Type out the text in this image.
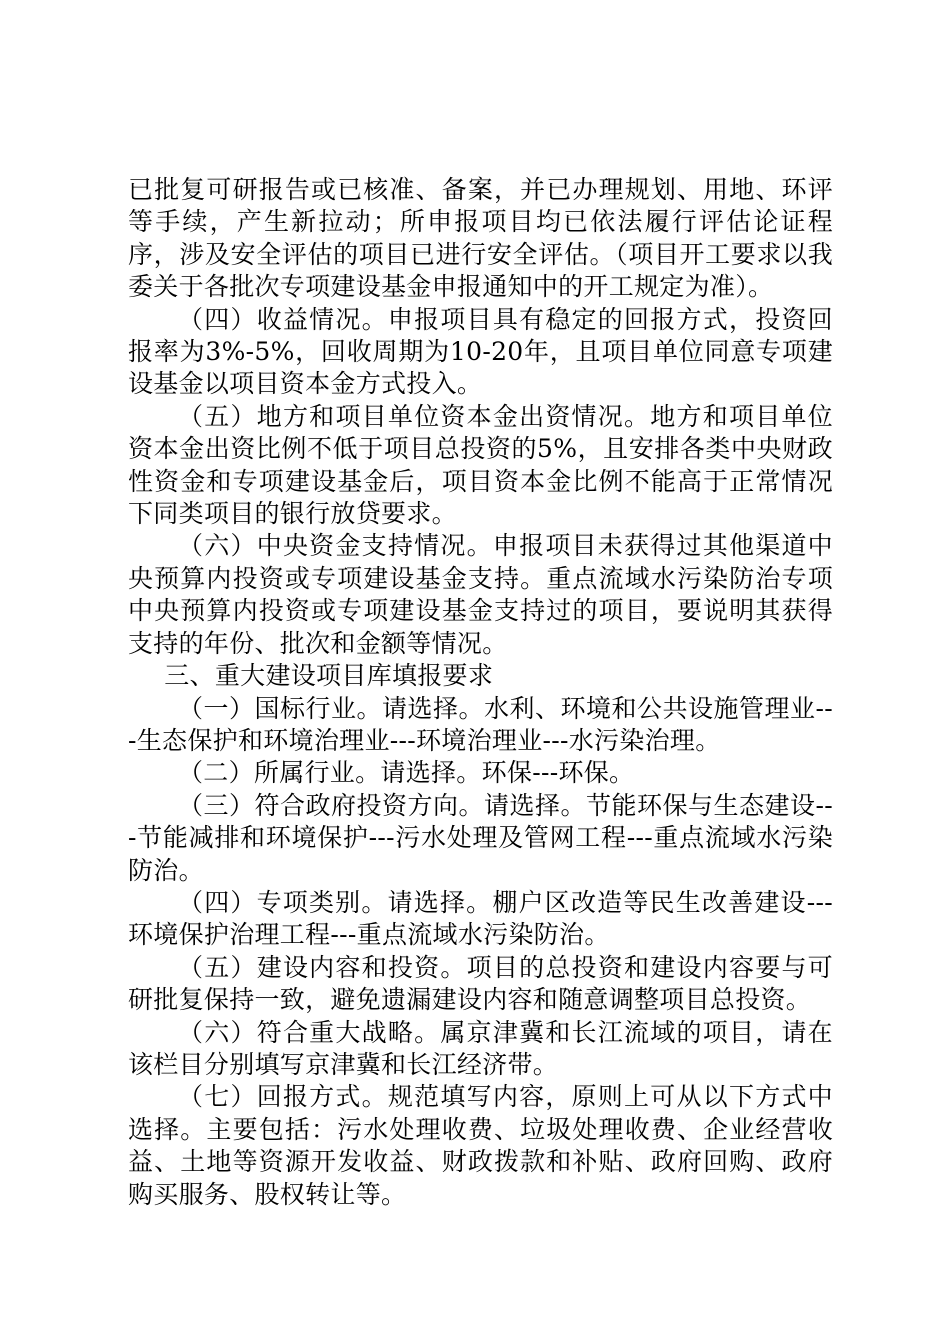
已批复可研报告或已核准、备案，并已办理规划、用地、环评等手续，产生新拉动；所申报项目均已依法履行评估论证程序，涉及安全评估的项目已进行安全评估。（项目开工要求以我委关于各批次专项建设基金申报通知中的开工规定为准）。

（四）收益情况。申报项目具有稳定的回报方式，投资回报率为3%-5%，回收周期为10-20年，且项目单位同意专项建设基金以项目资本金方式投入。

（五）地方和项目单位资本金出资情况。地方和项目单位资本金出资比例不低于项目总投资的5%，且安排各类中央财政性资金和专项建设基金后，项目资本金比例不能高于正常情况下同类项目的银行放贷要求。

（六）中央资金支持情况。申报项目未获得过其他渠道中央预算内投资或专项建设基金支持。重点流域水污染防治专项中央预算内投资或专项建设基金支持过的项目，要说明其获得支持的年份、批次和金额等情况。

三、重大建设项目库填报要求

（一）国标行业。请选择。水利、环境和公共设施管理业---生态保护和环境治理业---环境治理业---水污染治理。

（二）所属行业。请选择。环保---环保。

（三）符合政府投资方向。请选择。节能环保与生态建设---节能减排和环境保护---污水处理及管网工程---重点流域水污染防治。

（四）专项类别。请选择。棚户区改造等民生改善建设---环境保护治理工程---重点流域水污染防治。

（五）建设内容和投资。项目的总投资和建设内容要与可研批复保持一致，避免遗漏建设内容和随意调整项目总投资。

（六）符合重大战略。属京津冀和长江流域的项目，请在该栏目分别填写京津冀和长江经济带。

（七）回报方式。规范填写内容，原则上可从以下方式中选择。主要包括：污水处理收费、垃圾处理收费、企业经营收益、土地等资源开发收益、财政拨款和补贴、政府回购、政府购买服务、股权转让等。
